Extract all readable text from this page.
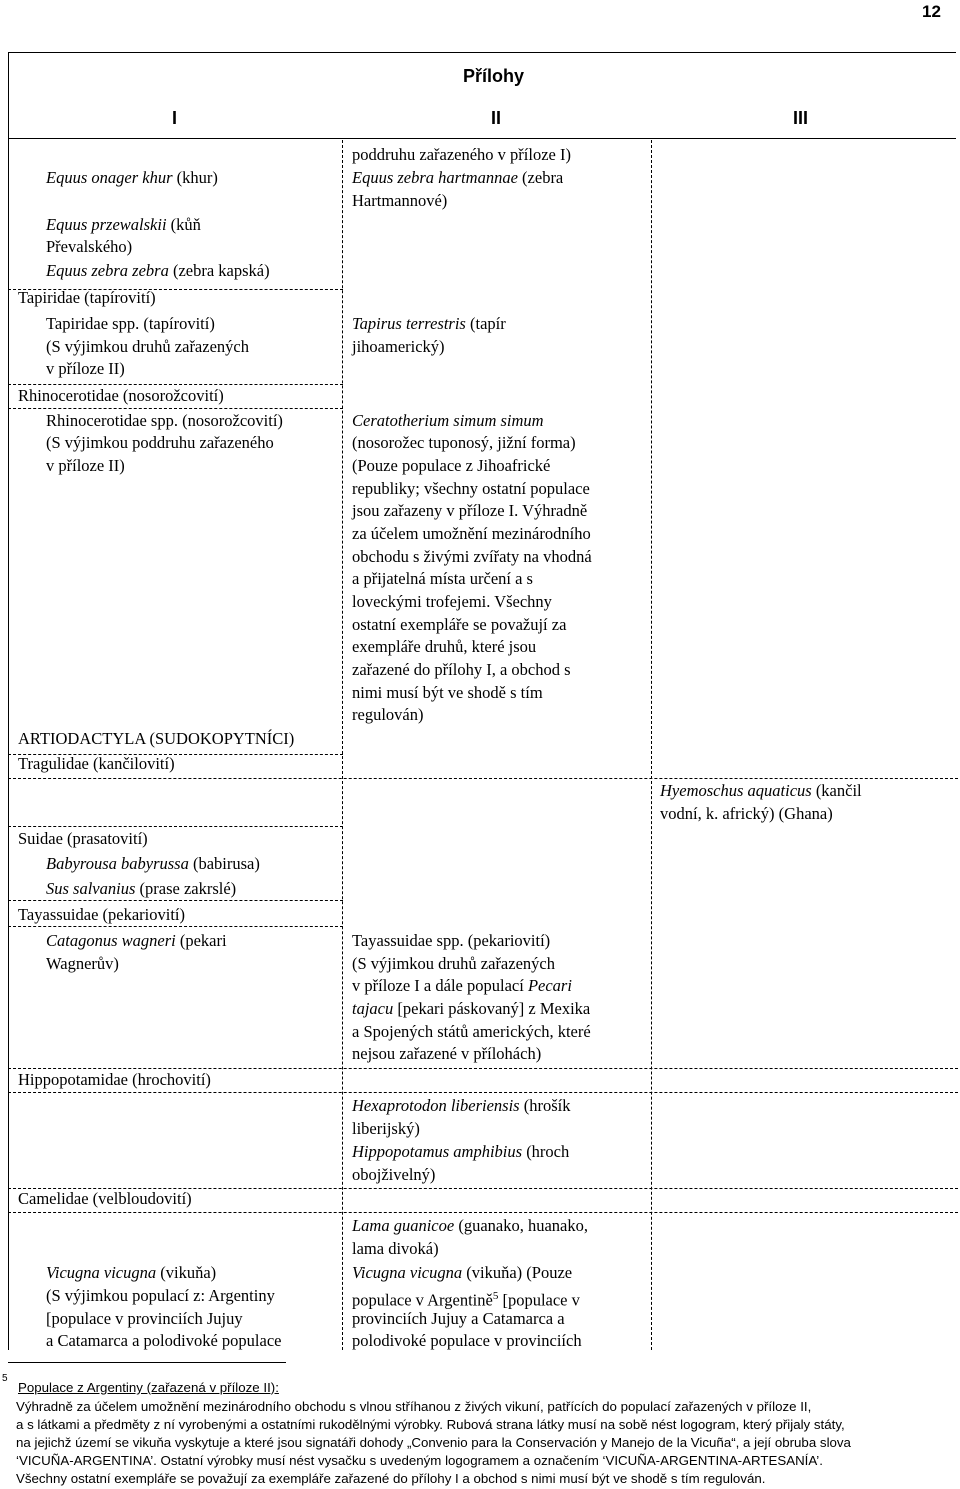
12
Přílohy
I	II	III
Equus onager khur (khur)
Equus przewalskii (kůň
Převalského)
Equus zebra zebra (zebra kapská)
Tapiridae (tapírovití)
Tapiridae spp. (tapírovití)
(S výjimkou druhů zařazených
v příloze II)
Rhinocerotidae (nosorožcovití)
Rhinocerotidae spp. (nosorožcovití)
(S výjimkou poddruhu zařazeného
v příloze II)
ARTIODACTYLA (SUDOKOPYTNÍCI)
Tragulidae (kančilovití)
Suidae (prasatovití)
Babyrousa babyrussa (babirusa)
Sus salvanius (prase zakrslé)
Tayassuidae (pekariovití)
Catagonus wagneri (pekari
Wagnerův)
Hippopotamidae (hrochovití)
Camelidae (velbloudovití)
Vicugna vicugna (vikuňa)
(S výjimkou populací z: Argentiny
[populace v provinciích Jujuy
a Catamarca a polodivoké populace
poddruhu zařazeného v příloze I)
Equus zebra hartmannae (zebra
Hartmannové)
Tapirus terrestris (tapír
jihoamerický)
Ceratotherium simum simum
(nosorožec tuponosý, jižní forma)
(Pouze populace z Jihoafrické
republiky; všechny ostatní populace
jsou zařazeny v příloze I. Výhradně
za účelem umožnění mezinárodního
obchodu s živými zvířaty na vhodná
a přijatelná místa určení a s
loveckými trofejemi. Všechny
ostatní exempláře se považují za
exempláře druhů, které jsou
zařazené do přílohy I, a obchod s
nimi musí být ve shodě s tím
regulován)
Tayassuidae spp. (pekariovití)
(S výjimkou druhů zařazených
v příloze I a dále populací Pecari
tajacu [pekari páskovaný] z Mexika
a Spojených států amerických, které
nejsou zařazené v přílohách)
Hexaprotodon liberiensis (hrošík
liberijský)
Hippopotamus amphibius (hroch
obojživelný)
Lama guanicoe (guanako, huanako,
lama divoká)
Vicugna vicugna (vikuňa) (Pouze
populace v Argentině$^5$ [populace v
provinciích Jujuy a Catamarca a
polodivoké populace v provinciích
Hyemoschus aquaticus (kančil
vodní, k. africký) (Ghana)
5
Populace z Argentiny (zařazená v příloze II):
Výhradně za účelem umožnění mezinárodního obchodu s vlnou stříhanou z živých vikuní, patřících do populací zařazených v příloze II,
a s látkami a předměty z ní vyrobenými a ostatními rukodělnými výrobky. Rubová strana látky musí na sobě nést logogram, který přijaly státy,
na jejichž území se vikuňa vyskytuje a které jsou signatáři dohody „Convenio para la Conservación y Manejo de la Vicuña“, a její obruba slova
‘VICUÑA-ARGENTINA’. Ostatní výrobky musí nést vysačku s uvedeným logogramem a označením ‘VICUÑA-ARGENTINA-ARTESANÍA’.
Všechny ostatní exempláře se považují za exempláře zařazené do přílohy I a obchod s nimi musí být ve shodě s tím regulován.
